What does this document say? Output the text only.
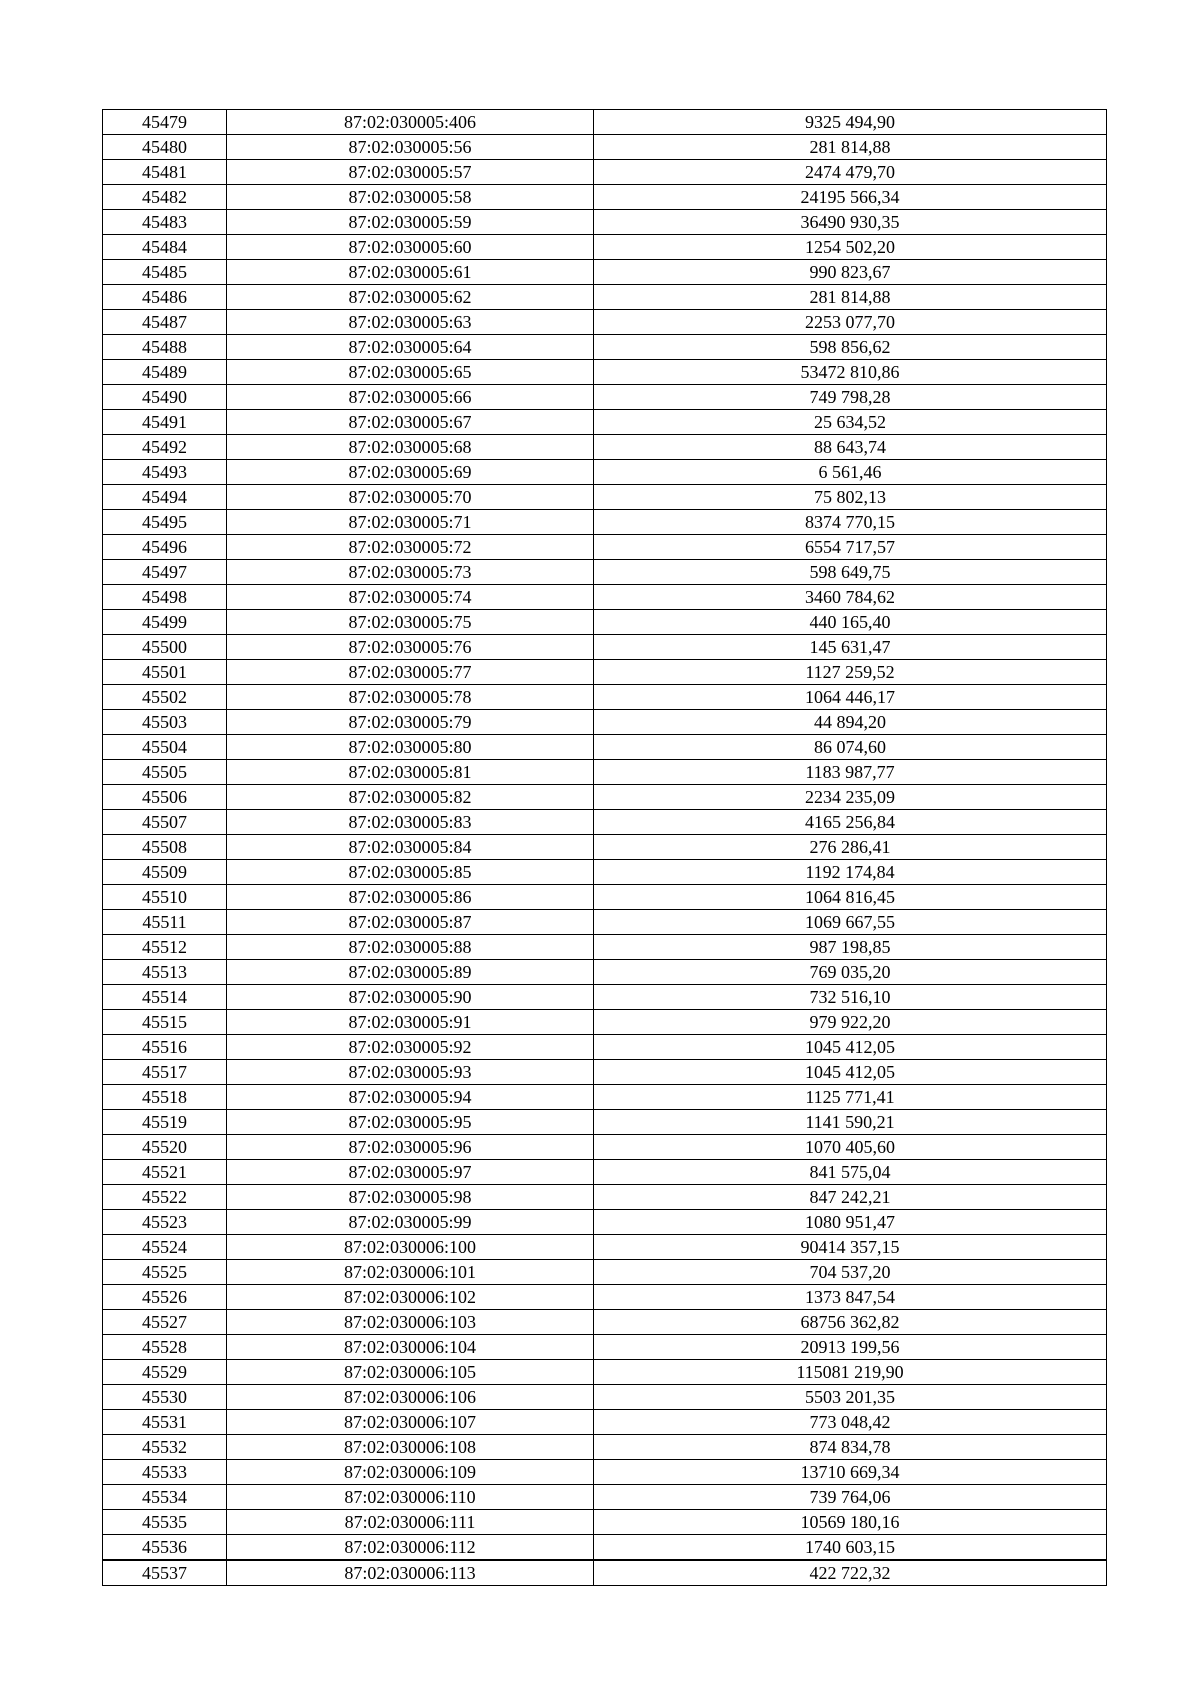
45479	87:02:030005:406	9325 494,90
45480	87:02:030005:56	281 814,88
45481	87:02:030005:57	2474 479,70
45482	87:02:030005:58	24195 566,34
45483	87:02:030005:59	36490 930,35
45484	87:02:030005:60	1254 502,20
45485	87:02:030005:61	990 823,67
45486	87:02:030005:62	281 814,88
45487	87:02:030005:63	2253 077,70
45488	87:02:030005:64	598 856,62
45489	87:02:030005:65	53472 810,86
45490	87:02:030005:66	749 798,28
45491	87:02:030005:67	25 634,52
45492	87:02:030005:68	88 643,74
45493	87:02:030005:69	6 561,46
45494	87:02:030005:70	75 802,13
45495	87:02:030005:71	8374 770,15
45496	87:02:030005:72	6554 717,57
45497	87:02:030005:73	598 649,75
45498	87:02:030005:74	3460 784,62
45499	87:02:030005:75	440 165,40
45500	87:02:030005:76	145 631,47
45501	87:02:030005:77	1127 259,52
45502	87:02:030005:78	1064 446,17
45503	87:02:030005:79	44 894,20
45504	87:02:030005:80	86 074,60
45505	87:02:030005:81	1183 987,77
45506	87:02:030005:82	2234 235,09
45507	87:02:030005:83	4165 256,84
45508	87:02:030005:84	276 286,41
45509	87:02:030005:85	1192 174,84
45510	87:02:030005:86	1064 816,45
45511	87:02:030005:87	1069 667,55
45512	87:02:030005:88	987 198,85
45513	87:02:030005:89	769 035,20
45514	87:02:030005:90	732 516,10
45515	87:02:030005:91	979 922,20
45516	87:02:030005:92	1045 412,05
45517	87:02:030005:93	1045 412,05
45518	87:02:030005:94	1125 771,41
45519	87:02:030005:95	1141 590,21
45520	87:02:030005:96	1070 405,60
45521	87:02:030005:97	841 575,04
45522	87:02:030005:98	847 242,21
45523	87:02:030005:99	1080 951,47
45524	87:02:030006:100	90414 357,15
45525	87:02:030006:101	704 537,20
45526	87:02:030006:102	1373 847,54
45527	87:02:030006:103	68756 362,82
45528	87:02:030006:104	20913 199,56
45529	87:02:030006:105	115081 219,90
45530	87:02:030006:106	5503 201,35
45531	87:02:030006:107	773 048,42
45532	87:02:030006:108	874 834,78
45533	87:02:030006:109	13710 669,34
45534	87:02:030006:110	739 764,06
45535	87:02:030006:111	10569 180,16
45536	87:02:030006:112	1740 603,15
45537	87:02:030006:113	422 722,32
